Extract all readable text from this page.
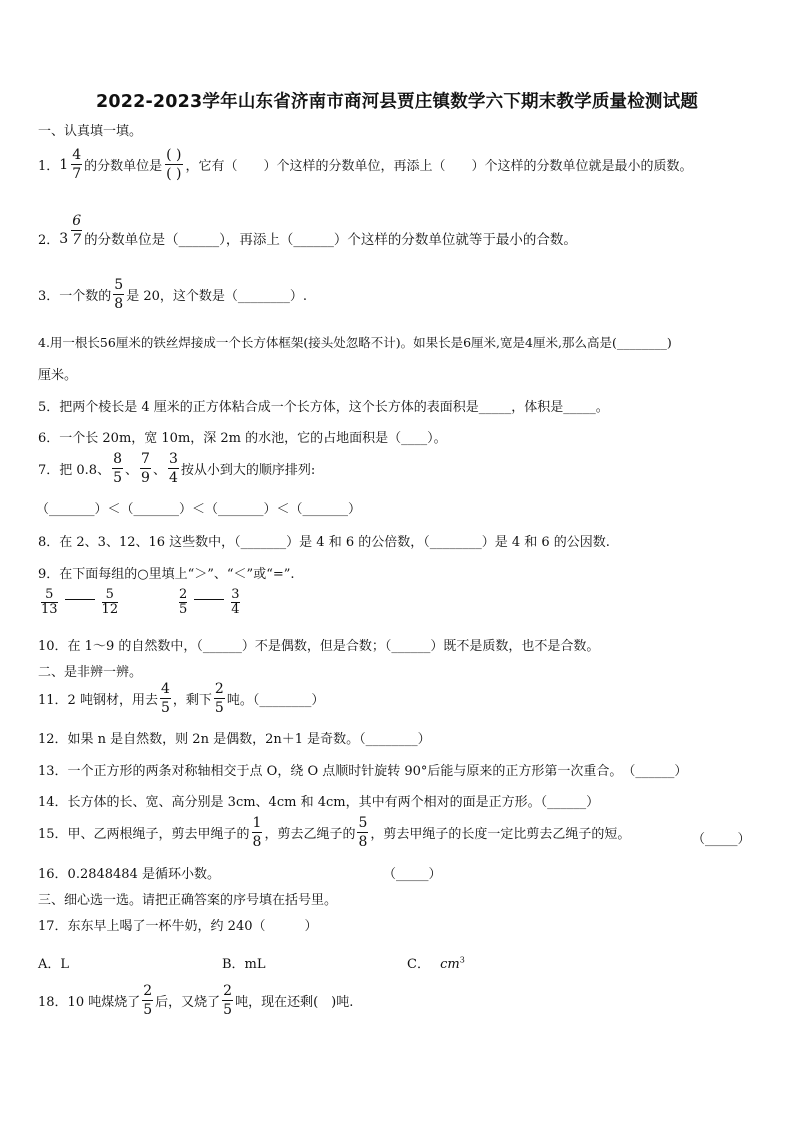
2022-2023学年山东省济南市商河县贾庄镇数学六下期末教学质量检测试题
一、认真填一填。
1． $1 \frac{4}{7}$ 的分数单位是 $\frac{( )}{( )}$ ，它有（　　）个这样的分数单位，再添上（　　）个这样的分数单位就是最小的质数。
2． $3 \frac{6}{7}$ 的分数单位是（______），再添上（______）个这样的分数单位就等于最小的合数。
3． 一个数的 $\frac{5}{8}$ 是 20，这个数是（________）.
4.用一根长56厘米的铁丝焊接成一个长方体框架(接头处忽略不计)。如果长是6厘米,宽是4厘米,那么高是(________)
厘米。
5．把两个棱长是 4 厘米的正方体粘合成一个长方体，这个长方体的表面积是_____，体积是_____。
6．一个长 20m，宽 10m，深 2m 的水池，它的占地面积是（____）。
7．把 0.8、 $\frac{8}{5}$ 、 $\frac{7}{9}$ 、 $\frac{3}{4}$ 按从小到大的顺序排列:
（_______）＜（_______）＜（_______）＜（_______）
8．在 2、3、12、16 这些数中，（_______）是 4 和 6 的公倍数，（________）是 4 和 6 的公因数.
9．在下面每组的○里填上“＞”、“＜”或“=”.
$\frac{5}{13}$	$\frac{5}{12}$	$\frac{2}{5}$	$\frac{3}{4}$
10．在 1～9 的自然数中，（______）不是偶数，但是合数；（______）既不是质数，也不是合数。
二、是非辨一辨。
11．2 吨钢材，用去 $\frac{4}{5}$ ，剩下 $\frac{2}{5}$ 吨。（________）
12．如果 n 是自然数，则 2n 是偶数，2n＋1 是奇数。（________）
13．一个正方形的两条对称轴相交于点 O，绕 O 点顺时针旋转 90°后能与原来的正方形第一次重合。　（______）
14．长方体的长、宽、高分别是 3cm、4cm 和 4cm，其中有两个相对的面是正方形。（______）
15．甲、乙两根绳子，剪去甲绳子的 $\frac{1}{8}$ ，剪去乙绳子的 $\frac{5}{8}$ ，剪去甲绳子的长度一定比剪去乙绳子的短。	（_____）
16．0.2848484 是循环小数。	（_____）
三、细心选一选。请把正确答案的序号填在括号里。
17．东东早上喝了一杯牛奶，约 240（　　　）
A．L	B．mL	C． $cm^3$
18．10 吨煤烧了 $\frac{2}{5}$ 后，又烧了 $\frac{2}{5}$ 吨，现在还剩(　)吨.
